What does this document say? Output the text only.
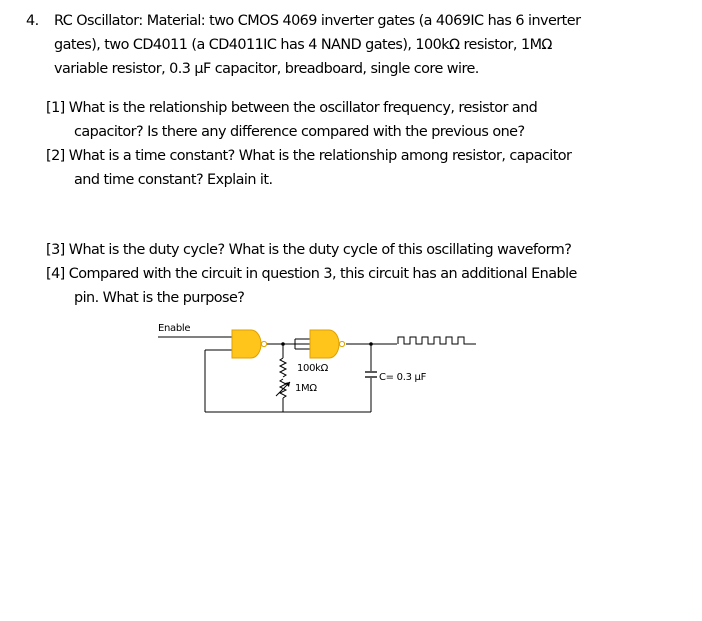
4. RC Oscillator: Material: two CMOS 4069 inverter gates (a 4069IC has 6 inverter
gates), two CD4011 (a CD4011IC has 4 NAND gates), 100kΩ resistor, 1MΩ
variable resistor, 0.3 μF capacitor, breadboard, single core wire.
[1] What is the relationship between the oscillator frequency, resistor and
capacitor? Is there any difference compared with the previous one?
[2] What is a time constant? What is the relationship among resistor, capacitor
and time constant? Explain it.
[3] What is the duty cycle? What is the duty cycle of this oscillating waveform?
[4] Compared with the circuit in question 3, this circuit has an additional Enable
pin. What is the purpose?
Enable
100kΩ
1MΩ
C= 0.3 μF
